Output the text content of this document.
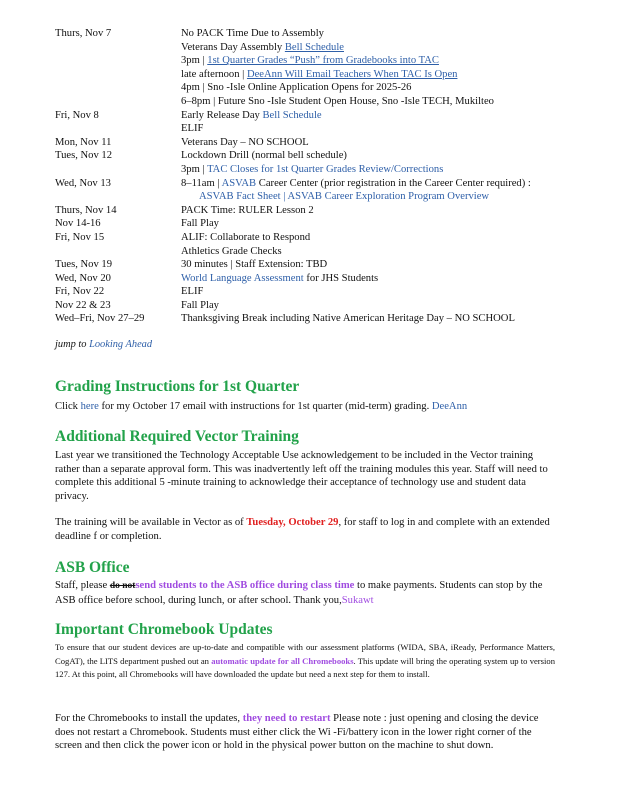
Thurs, Nov 7	No PACK Time Due to Assembly
Veterans Day Assembly Bell Schedule
3pm | 1st Quarter Grades “Push” from Gradebooks into TAC
late afternoon | DeeAnn Will Email Teachers When TAC Is Open
4pm | Sno -Isle Online Application Opens for 2025-26
6–8pm | Future Sno -Isle Student Open House, Sno -Isle TECH, Mukilteo
Fri, Nov 8	Early Release Day Bell Schedule
ELIF
Mon, Nov 11	Veterans Day – NO SCHOOL
Tues, Nov 12	Lockdown Drill (normal bell schedule)
3pm | TAC Closes for 1st Quarter Grades Review/Corrections
Wed, Nov 13	8–11am | ASVAB Career Center (prior registration in the Career Center required) :
ASVAB Fact Sheet | ASVAB Career Exploration Program Overview
Thurs, Nov 14	PACK Time: RULER Lesson 2
Nov 14-16	Fall Play
Fri, Nov 15	ALIF: Collaborate to Respond
Athletics Grade Checks
Tues, Nov 19	30 minutes | Staff Extension: TBD
Wed, Nov 20	World Language Assessment for JHS Students
Fri, Nov 22	ELIF
Nov 22 & 23	Fall Play
Wed–Fri, Nov 27–29	Thanksgiving Break including Native American Heritage Day – NO SCHOOL
jump to Looking Ahead
Grading Instructions for 1st Quarter
Click here for my October 17 email with instructions for 1st quarter (mid-term) grading. DeeAnn
Additional Required Vector Training
Last year we transitioned the Technology Acceptable Use acknowledgement to be included in the Vector training rather than a separate approval form. This was inadvertently left off the training modules this year. Staff will need to complete this additional 5 -minute training to acknowledge their acceptance of technology use and student data privacy.
The training will be available in Vector as of Tuesday, October 29, for staff to log in and complete with an extended deadline f or completion.
ASB Office
Staff, please do notsend students to the ASB office during class time to make payments. Students can stop by the ASB office before school, during lunch, or after school. Thank you,Sukawt
Important Chromebook Updates
To ensure that our student devices are up-to-date and compatible with our assessment platforms (WIDA, SBA, iReady, Performance Matters, CogAT), the LITS department pushed out an automatic update for all Chromebooks. This update will bring the operating system up to version 127. At this point, all Chromebooks will have downloaded the update but need a next step for them to install.
For the Chromebooks to install the updates, they need to restart Please note : just opening and closing the device does not restart a Chromebook. Students must either click the Wi -Fi/battery icon in the lower right corner of the screen and then click the power icon or hold in the physical power button on the machine to shut down.
